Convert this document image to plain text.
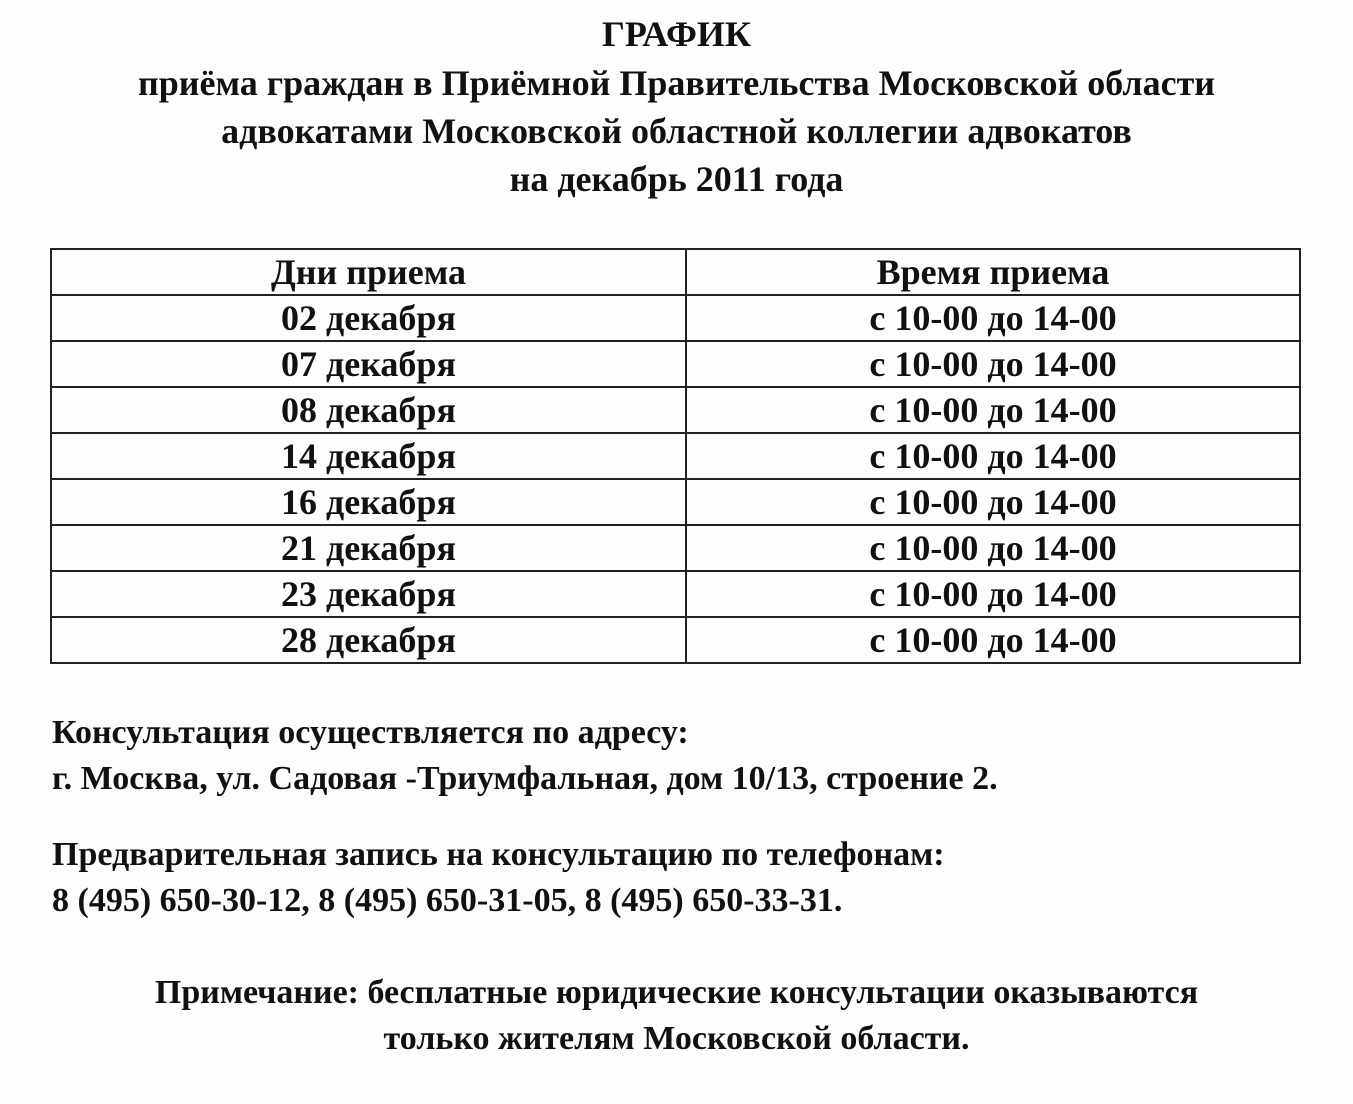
ГРАФИК
приёма граждан в Приёмной Правительства Московской области
адвокатами Московской областной коллегии адвокатов
на декабрь 2011 года
Дни приема	Время приема
02 декабря	с 10-00 до 14-00
07 декабря	с 10-00 до 14-00
08 декабря	с 10-00 до 14-00
14 декабря	с 10-00 до 14-00
16 декабря	с 10-00 до 14-00
21 декабря	с 10-00 до 14-00
23 декабря	с 10-00 до 14-00
28 декабря	с 10-00 до 14-00
Консультация осуществляется по адресу:
г. Москва, ул. Садовая -Триумфальная, дом 10/13, строение 2.
Предварительная запись на консультацию по телефонам:
8 (495) 650-30-12, 8 (495) 650-31-05, 8 (495) 650-33-31.
Примечание: бесплатные юридические консультации оказываются
только жителям Московской области.
